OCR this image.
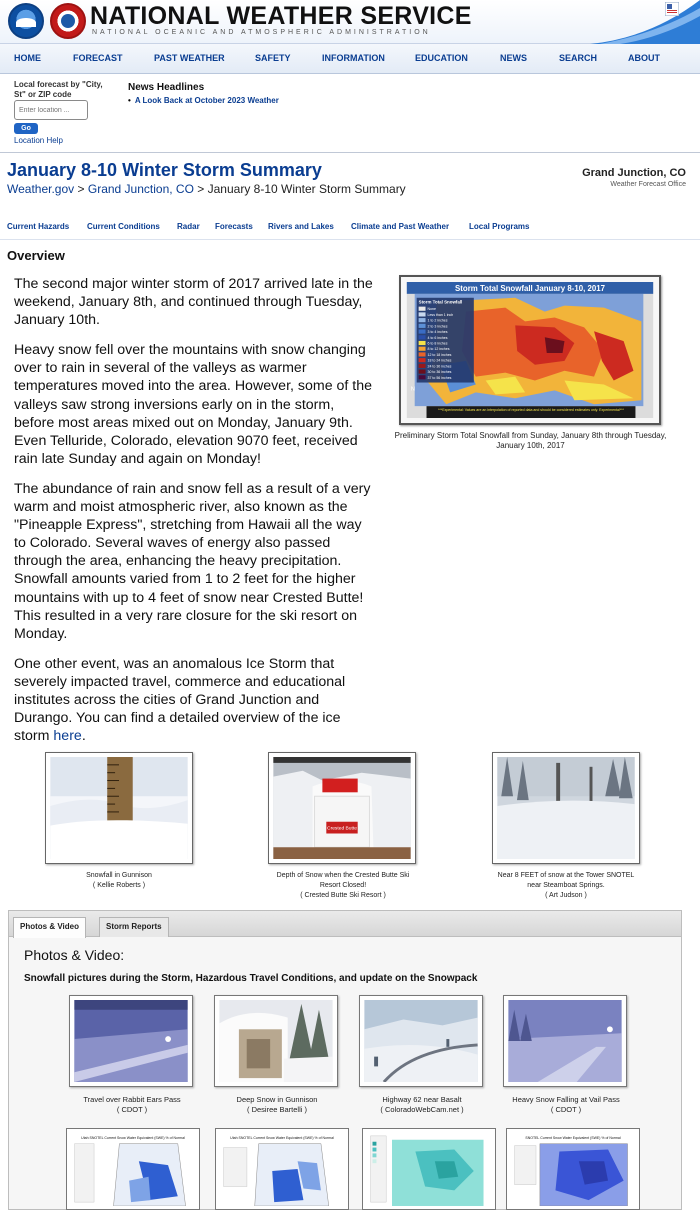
NATIONAL WEATHER SERVICE
NATIONAL OCEANIC AND ATMOSPHERIC ADMINISTRATION
HOME	FORECAST	PAST WEATHER	SAFETY	INFORMATION	EDUCATION	NEWS	SEARCH	ABOUT
Local forecast by "City, St" or ZIP code
Enter location ...
Go
Location Help
News Headlines
• A Look Back at October 2023 Weather
January 8-10 Winter Storm Summary
Weather.gov > Grand Junction, CO > January 8-10 Winter Storm Summary
Grand Junction, CO
Weather Forecast Office
Current Hazards Current Conditions Radar Forecasts Rivers and Lakes Climate and Past Weather Local Programs
Overview

The second major winter storm of 2017 arrived late in the weekend, January 8th, and continued through Tuesday, January 10th.

Heavy snow fell over the mountains with snow changing over to rain in several of the valleys as warmer temperatures moved into the area. However, some of the valleys saw strong inversions early on in the storm, before most areas mixed out on Monday, January 9th. Even Telluride, Colorado, elevation 9070 feet, received rain late Sunday and again on Monday!

The abundance of rain and snow fell as a result of a very warm and moist atmospheric river, also known as the "Pineapple Express", stretching from Hawaii all the way to Colorado. Several waves of energy also passed through the area, enhancing the heavy precipitation. Snowfall amounts varied from 1 to 2 feet for the higher mountains with up to 4 feet of snow near Crested Butte! This resulted in a very rare closure for the ski resort on Monday.

One other event, was an anomalous Ice Storm that severely impacted travel, commerce and educational institutes across the cities of Grand Junction and Durango. You can find a detailed overview of the ice storm here.

Storm Total Snowfall January 8-10, 2017
Storm Total Snowfall
None
Less than 1 inch
1 to 2 inches
2 to 3 inches
3 to 4 inches
4 to 6 inches
6 to 8 inches
8 to 12 inches
12 to 18 inches
18 to 24 inches
24 to 30 inches
30 to 36 inches
37 to 56 inches
***Experimental: Values are an interpolation of reported data and should be considered estimates only. Experimental***
N
Preliminary Storm Total Snowfall from Sunday, January 8th through Tuesday, January 10th, 2017
Snowfall in Gunnison
( Kellie Roberts )
Crested Butte
Depth of Snow when the Crested Butte Ski Resort Closed!
( Crested Butte Ski Resort )
Near 8 FEET of snow at the Tower SNOTEL near Steamboat Springs.
( Art Judson )
Photos & Video	Storm Reports
Photos & Video:
Snowfall pictures during the Storm, Hazardous Travel Conditions, and update on the Snowpack
Travel over Rabbit Ears Pass
( CDOT )
Deep Snow in Gunnison
( Desiree Bartelli )
Highway 62 near Basalt
( ColoradoWebCam.net )
Heavy Snow Falling at Vail Pass
( CDOT )
Utah SNOTEL Current Snow Water Equivalent (SWE) % of Normal	Utah SNOTEL Current Snow Water Equivalent (SWE) % of Normal	SNOTEL Current Snow Water Equivalent (SWE) % of Normal
